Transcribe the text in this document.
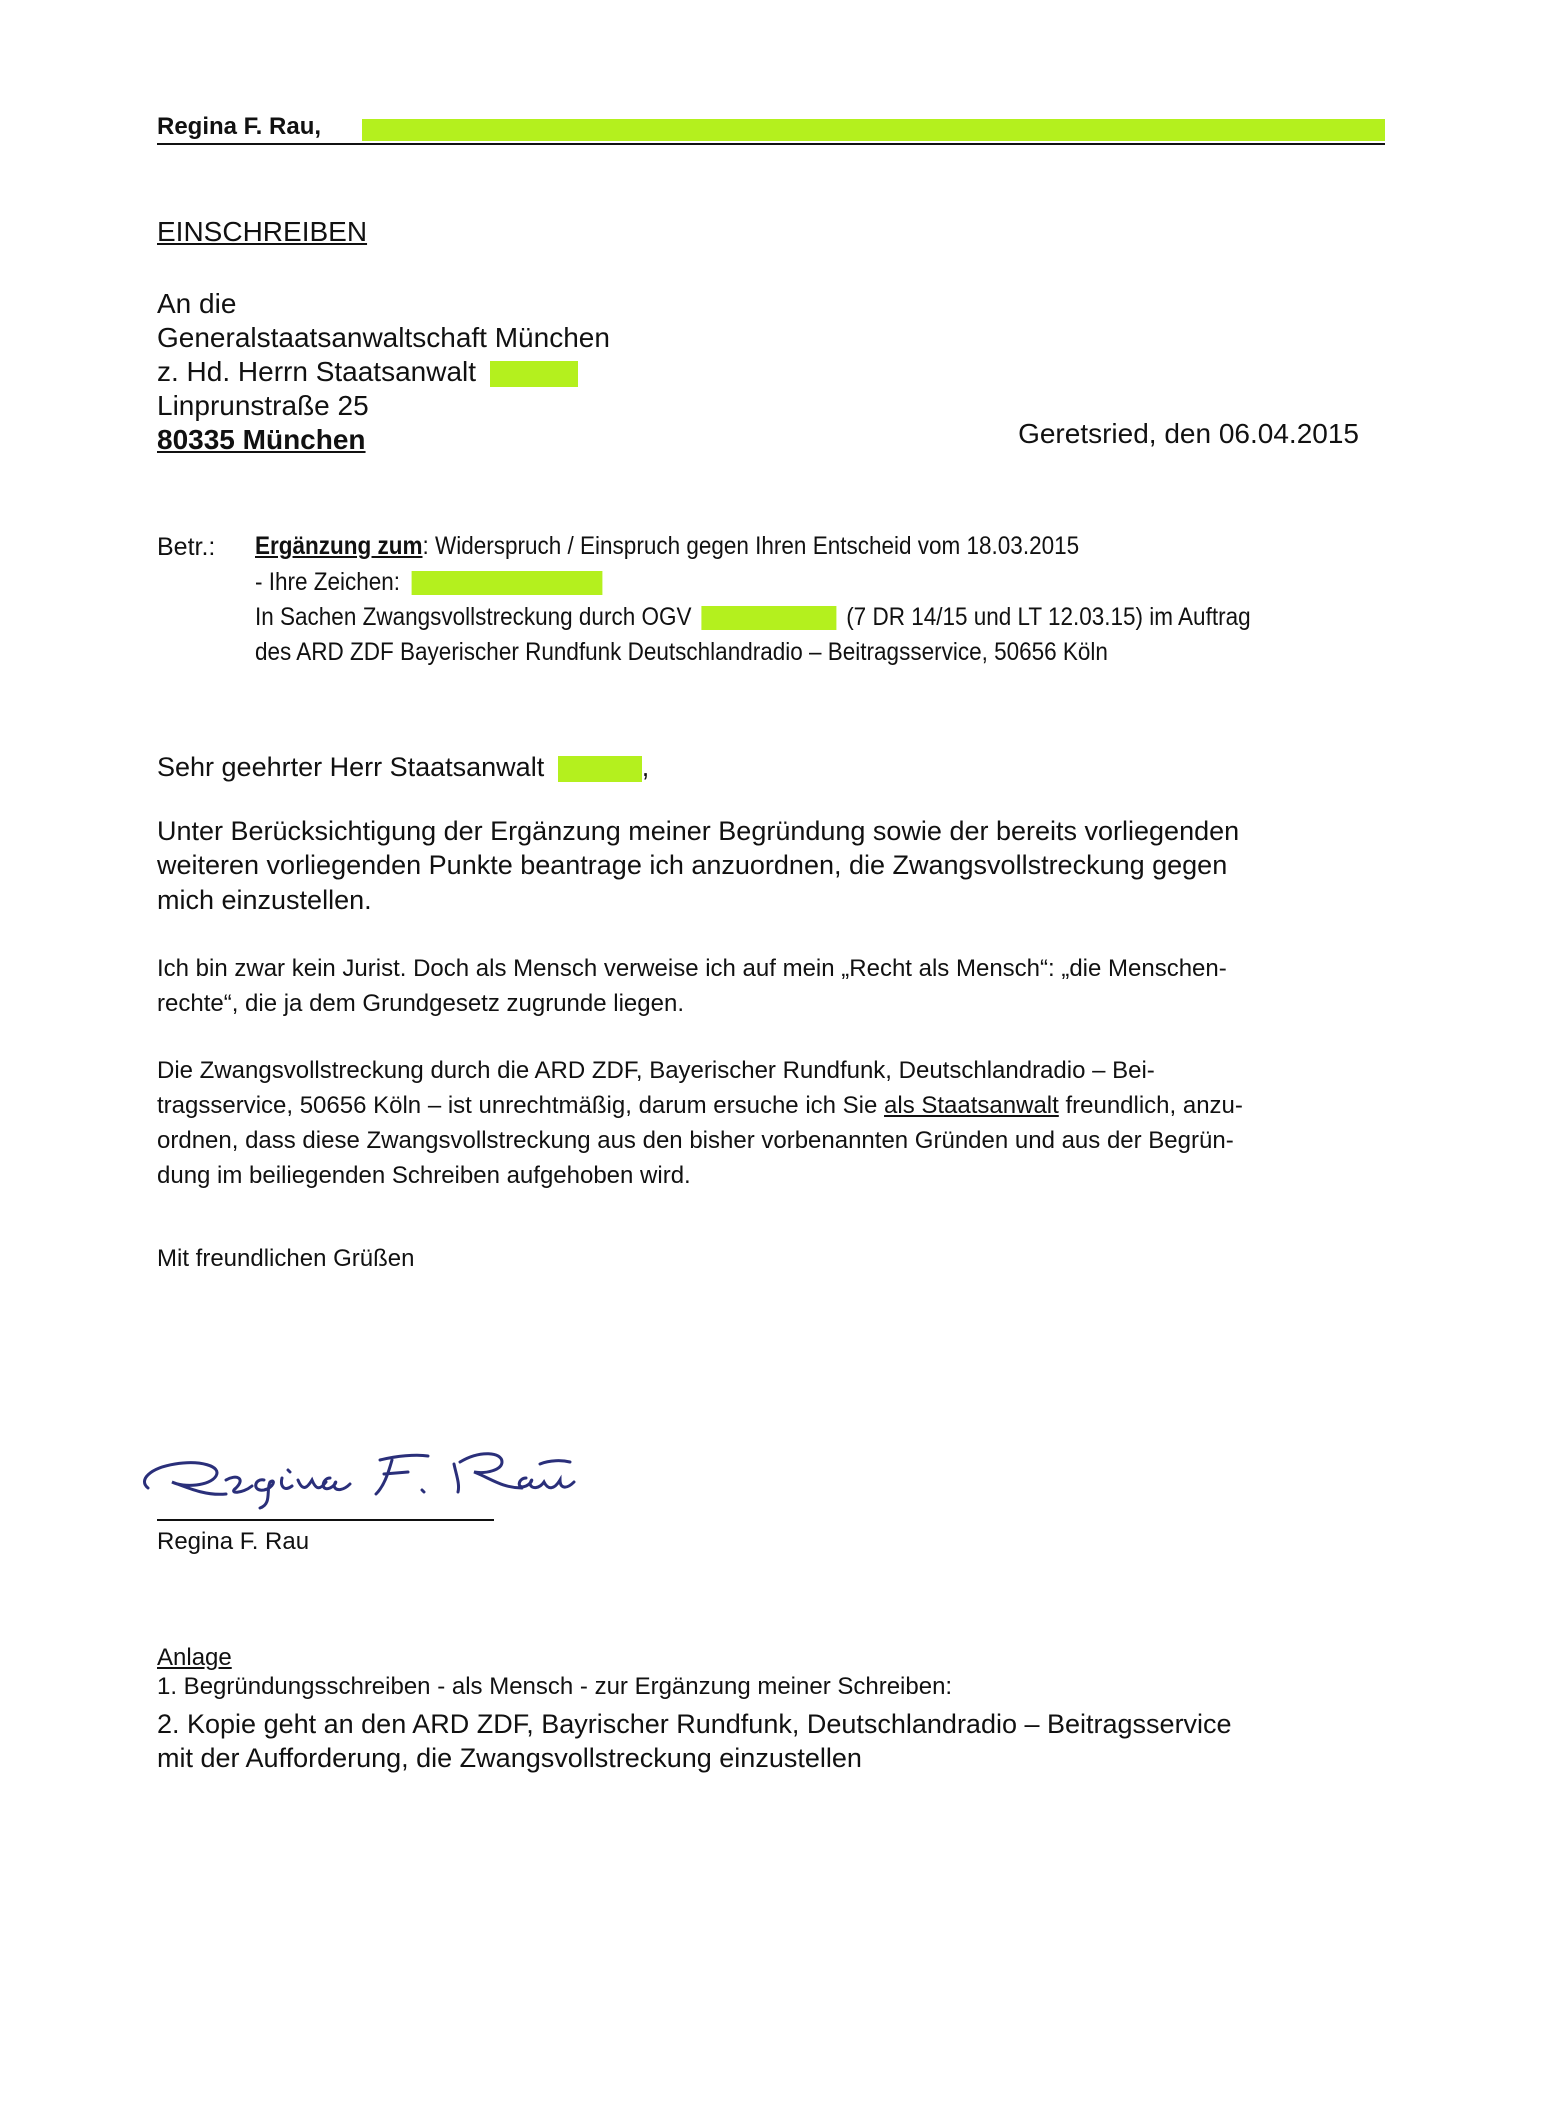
Regina F. Rau,
EINSCHREIBEN
An die
Generalstaatsanwaltschaft München
z. Hd. Herrn Staatsanwalt
Linprunstraße 25
80335 München	Geretsried, den 06.04.2015
Betr.: Ergänzung zum: Widerspruch / Einspruch gegen Ihren Entscheid vom 18.03.2015
- Ihre Zeichen:
In Sachen Zwangsvollstreckung durch OGV	(7 DR 14/15 und LT 12.03.15) im Auftrag
des ARD ZDF Bayerischer Rundfunk Deutschlandradio – Beitragsservice, 50656 Köln
Sehr geehrter Herr Staatsanwalt	,
Unter Berücksichtigung der Ergänzung meiner Begründung sowie der bereits vorliegenden
weiteren vorliegenden Punkte beantrage ich anzuordnen, die Zwangsvollstreckung gegen
mich einzustellen.
Ich bin zwar kein Jurist. Doch als Mensch verweise ich auf mein „Recht als Mensch“: „die Menschen-
rechte“, die ja dem Grundgesetz zugrunde liegen.
Die Zwangsvollstreckung durch die ARD ZDF, Bayerischer Rundfunk, Deutschlandradio – Bei-
tragsservice, 50656 Köln – ist unrechtmäßig, darum ersuche ich Sie als Staatsanwalt freundlich, anzu-
ordnen, dass diese Zwangsvollstreckung aus den bisher vorbenannten Gründen und aus der Begrün-
dung im beiliegenden Schreiben aufgehoben wird.
Mit freundlichen Grüßen
Regina F. Rau
Anlage
1. Begründungsschreiben - als Mensch - zur Ergänzung meiner Schreiben:
2. Kopie geht an den ARD ZDF, Bayrischer Rundfunk, Deutschlandradio – Beitragsservice
mit der Aufforderung, die Zwangsvollstreckung einzustellen
